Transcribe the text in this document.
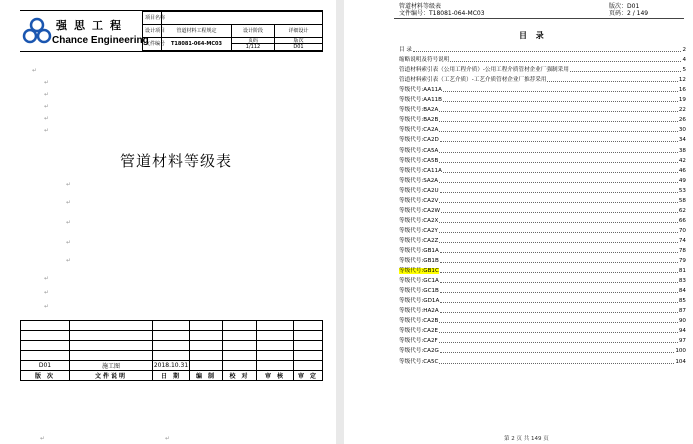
强思工程
Chance Engineering
项目名称
设计项目	管道材料工程规定	设计阶段	详细设计
文件编号	T18081-064-MC03
页码
1/112
版次
D01
↵
↵
↵
↵
↵
↵
管道材料等级表
↵
↵
↵
↵
↵
↵
↵
↵

D01	施工图	2018.10.31				
版 次	文件说明	日 期	编 制	校 对	审 核	审 定
↵	↵
管道材料等级表
文件编号：T18081-064-MC03
版次：D01
页码：2 / 149
目 录
目 录	2
缩略说明及符号说明	4
管道材料索引表（公用工程介质）-公用工程介质管材企业厂强制采用	5
管道材料索引表（工艺介质）-工艺介质管材企业厂推荐采用	12
等级代号:AA11A	16
等级代号:AA11B	19
等级代号:BA2A	22
等级代号:BA2B	26
等级代号:CA2A	30
等级代号:CA2D	34
等级代号:CA5A	38
等级代号:CA5B	42
等级代号:CA11A	46
等级代号:SA2A	49
等级代号:CA2U	53
等级代号:CA2V	58
等级代号:CA2W	62
等级代号:CA2X	66
等级代号:CA2Y	70
等级代号:CA2Z	74
等级代号:GB1A	78
等级代号:GB1B	79
等级代号:GB1C	81
等级代号:GC1A	83
等级代号:GC1B	84
等级代号:GD1A	85
等级代号:HA2A	87
等级代号:CA2B	90
等级代号:CA2E	94
等级代号:CA2F	97
等级代号:CA2G	100
等级代号:CA5C	104
第 2 页 共 149 页
